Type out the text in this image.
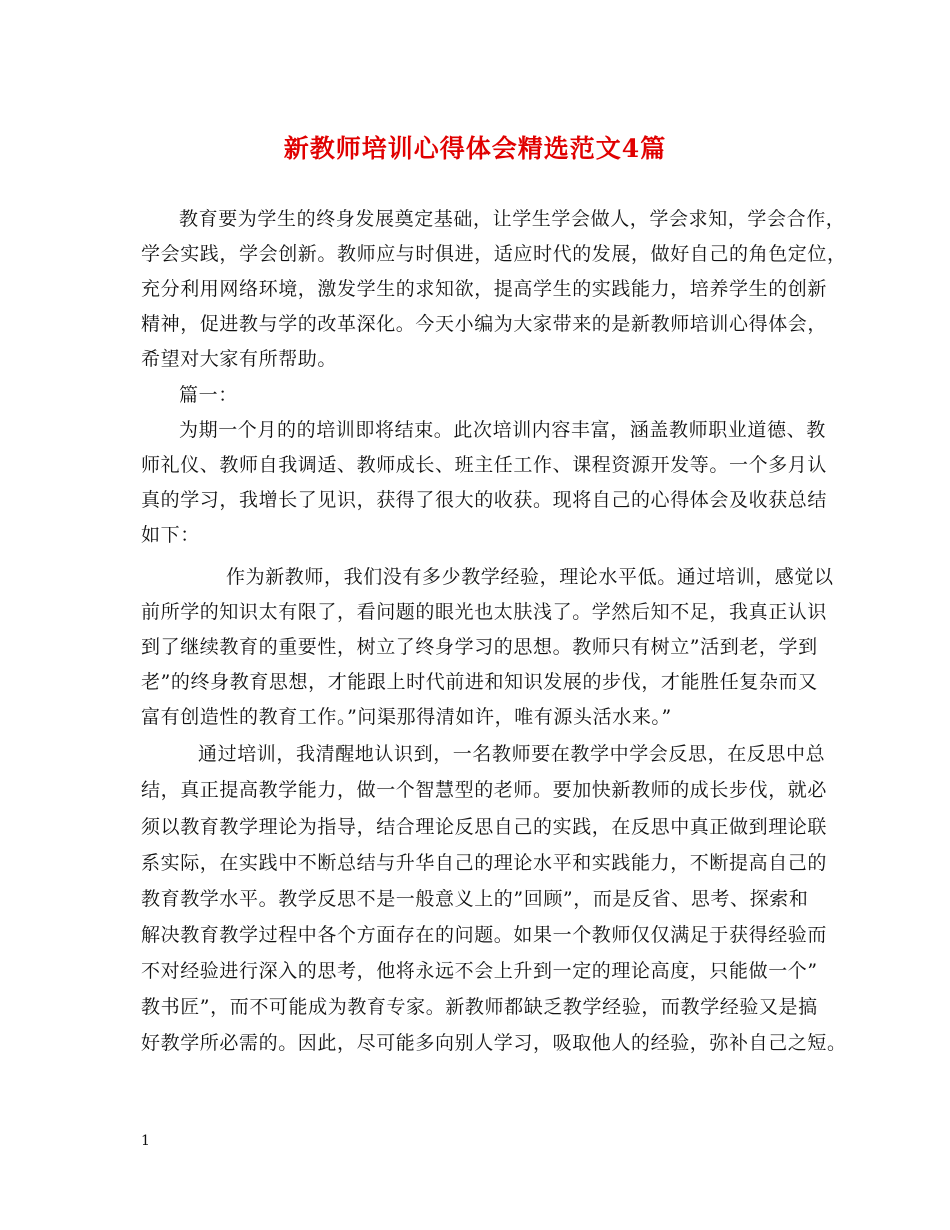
新教师培训心得体会精选范文4篇
教育要为学生的终身发展奠定基础，让学生学会做人，学会求知，学会合作，
学会实践，学会创新。教师应与时俱进，适应时代的发展，做好自己的角色定位，
充分利用网络环境，激发学生的求知欲，提高学生的实践能力，培养学生的创新
精神，促进教与学的改革深化。今天小编为大家带来的是新教师培训心得体会，
希望对大家有所帮助。
篇一：
为期一个月的的培训即将结束。此次培训内容丰富，涵盖教师职业道德、教
师礼仪、教师自我调适、教师成长、班主任工作、课程资源开发等。一个多月认
真的学习，我增长了见识，获得了很大的收获。现将自己的心得体会及收获总结
如下：
作为新教师，我们没有多少教学经验，理论水平低。通过培训，感觉以
前所学的知识太有限了，看问题的眼光也太肤浅了。学然后知不足，我真正认识
到了继续教育的重要性，树立了终身学习的思想。教师只有树立”活到老，学到
老”的终身教育思想，才能跟上时代前进和知识发展的步伐，才能胜任复杂而又
富有创造性的教育工作。”问渠那得清如许，唯有源头活水来。”
通过培训，我清醒地认识到，一名教师要在教学中学会反思，在反思中总
结，真正提高教学能力，做一个智慧型的老师。要加快新教师的成长步伐，就必
须以教育教学理论为指导，结合理论反思自己的实践，在反思中真正做到理论联
系实际，在实践中不断总结与升华自己的理论水平和实践能力，不断提高自己的
教育教学水平。教学反思不是一般意义上的”回顾”，而是反省、思考、探索和
解决教育教学过程中各个方面存在的问题。如果一个教师仅仅满足于获得经验而
不对经验进行深入的思考，他将永远不会上升到一定的理论高度，只能做一个”
教书匠”，而不可能成为教育专家。新教师都缺乏教学经验，而教学经验又是搞
好教学所必需的。因此，尽可能多向别人学习，吸取他人的经验，弥补自己之短。
1
